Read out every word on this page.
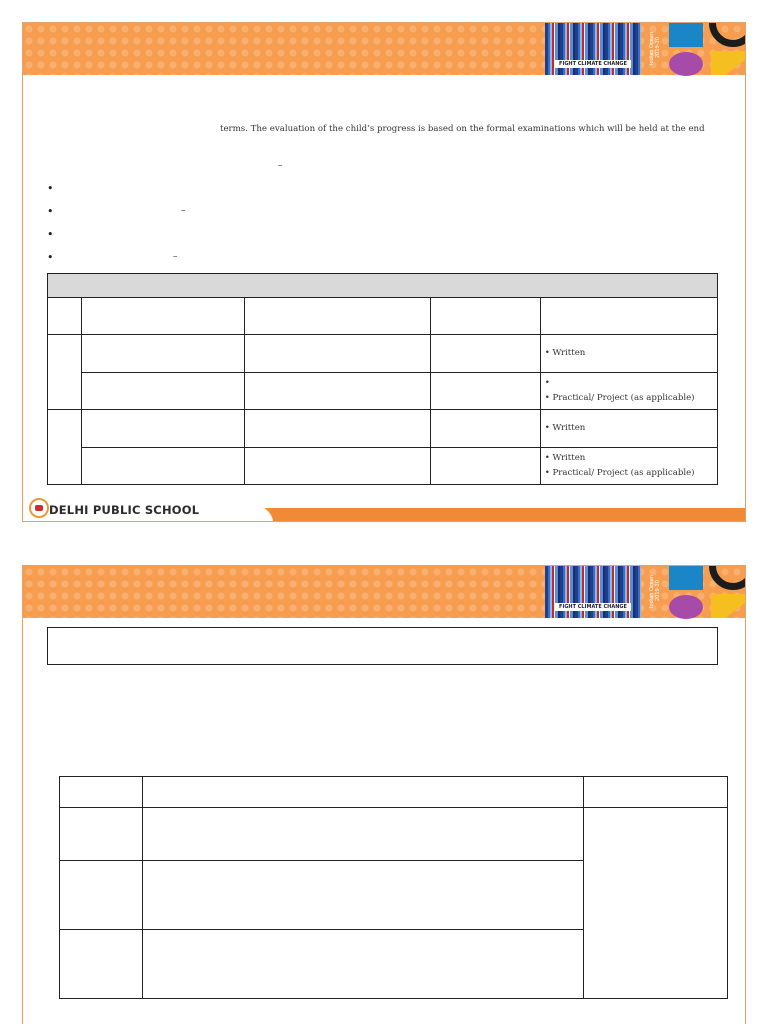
FIGHT CLIMATE CHANGE	Indian Ocean 2019-20
terms. The evaluation of the child’s progress is based on the formal examinations which will be held at the end
–
•
•	–
•
•	–

				• Written

				•
• Practical/ Project (as applicable)

				• Written

				• Written
• Practical/ Project (as applicable)
DELHI PUBLIC SCHOOL
FIGHT CLIMATE CHANGE	Indian Ocean 2019-20
